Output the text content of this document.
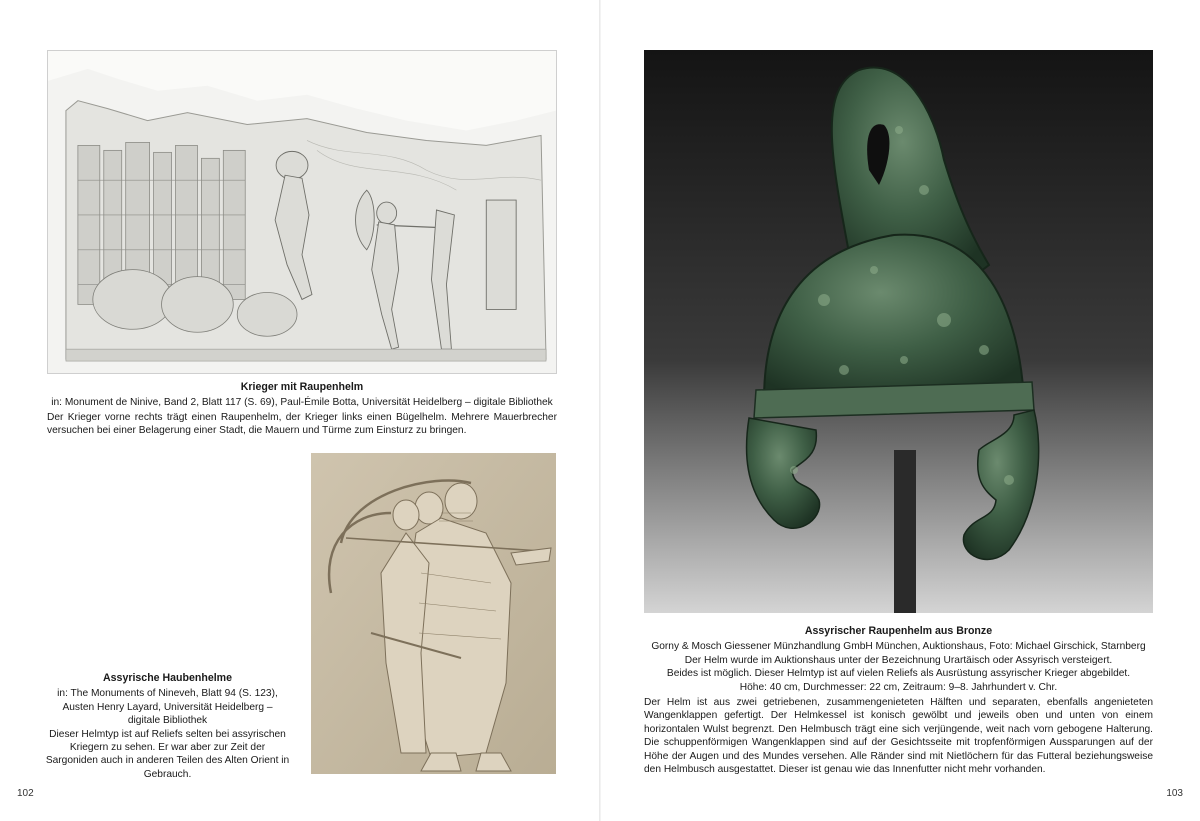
Krieger mit Raupenhelm

in: Monument de Ninive, Band 2, Blatt 117 (S. 69), Paul-Émile Botta, Universität Heidelberg – digitale Bibliothek

Der Krieger vorne rechts trägt einen Raupenhelm, der Krieger links einen Bügelhelm. Mehrere Mauerbrecher versuchen bei einer Belagerung einer Stadt, die Mauern und Türme zum Einsturz zu bringen.

Assyrische Haubenhelme

in: The Monuments of Nineveh, Blatt 94 (S. 123), Austen Henry Layard, Universität Heidelberg – digitale Bibliothek

Dieser Helmtyp ist auf Reliefs selten bei assyrischen Kriegern zu sehen. Er war aber zur Zeit der Sargoniden auch in anderen Teilen des Alten Orient in Gebrauch.

102

Assyrischer Raupenhelm aus Bronze

Gorny & Mosch Giessener Münzhandlung GmbH München, Auktionshaus, Foto: Michael Girschick, Starnberg

Der Helm wurde im Auktionshaus unter der Bezeichnung Urartäisch oder Assyrisch versteigert.

Beides ist möglich. Dieser Helmtyp ist auf vielen Reliefs als Ausrüstung assyrischer Krieger abgebildet.

Höhe: 40 cm, Durchmesser: 22 cm, Zeitraum: 9–8. Jahrhundert v. Chr.

Der Helm ist aus zwei getriebenen, zusammengenieteten Hälften und separaten, ebenfalls angenieteten Wangenklappen gefertigt. Der Helmkessel ist konisch gewölbt und jeweils oben und unten von einem horizontalen Wulst begrenzt. Den Helmbusch trägt eine sich verjüngende, weit nach vorn gebogene Halterung. Die schuppenförmigen Wangenklappen sind auf der Gesichtsseite mit tropfenförmigen Aussparungen auf der Höhe der Augen und des Mundes versehen. Alle Ränder sind mit Nietlöchern für das Futteral beziehungsweise den Helmbusch ausgestattet. Dieser ist genau wie das Innenfutter nicht mehr vorhanden.

103
